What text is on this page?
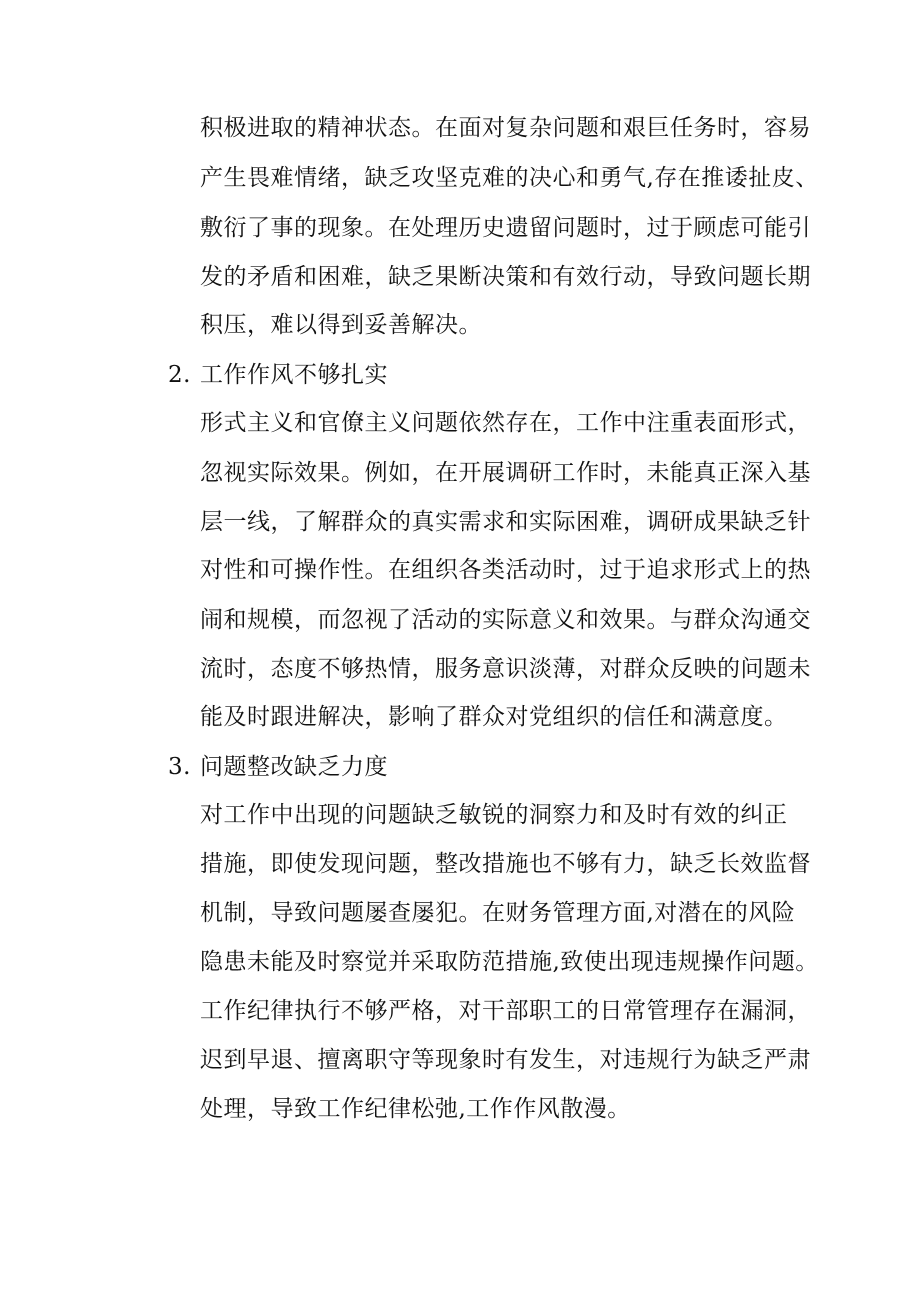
积极进取的精神状态。在面对复杂问题和艰巨任务时，容易
产生畏难情绪，缺乏攻坚克难的决心和勇气,存在推诿扯皮、
敷衍了事的现象。在处理历史遗留问题时，过于顾虑可能引
发的矛盾和困难，缺乏果断决策和有效行动，导致问题长期
积压，难以得到妥善解决。
2. 工作作风不够扎实
形式主义和官僚主义问题依然存在，工作中注重表面形式，
忽视实际效果。例如，在开展调研工作时，未能真正深入基
层一线，了解群众的真实需求和实际困难，调研成果缺乏针
对性和可操作性。在组织各类活动时，过于追求形式上的热
闹和规模，而忽视了活动的实际意义和效果。与群众沟通交
流时，态度不够热情，服务意识淡薄，对群众反映的问题未
能及时跟进解决，影响了群众对党组织的信任和满意度。
3. 问题整改缺乏力度
对工作中出现的问题缺乏敏锐的洞察力和及时有效的纠正
措施，即使发现问题，整改措施也不够有力，缺乏长效监督
机制，导致问题屡查屡犯。在财务管理方面,对潜在的风险
隐患未能及时察觉并采取防范措施,致使出现违规操作问题。
工作纪律执行不够严格，对干部职工的日常管理存在漏洞，
迟到早退、擅离职守等现象时有发生，对违规行为缺乏严肃
处理，导致工作纪律松弛,工作作风散漫。
